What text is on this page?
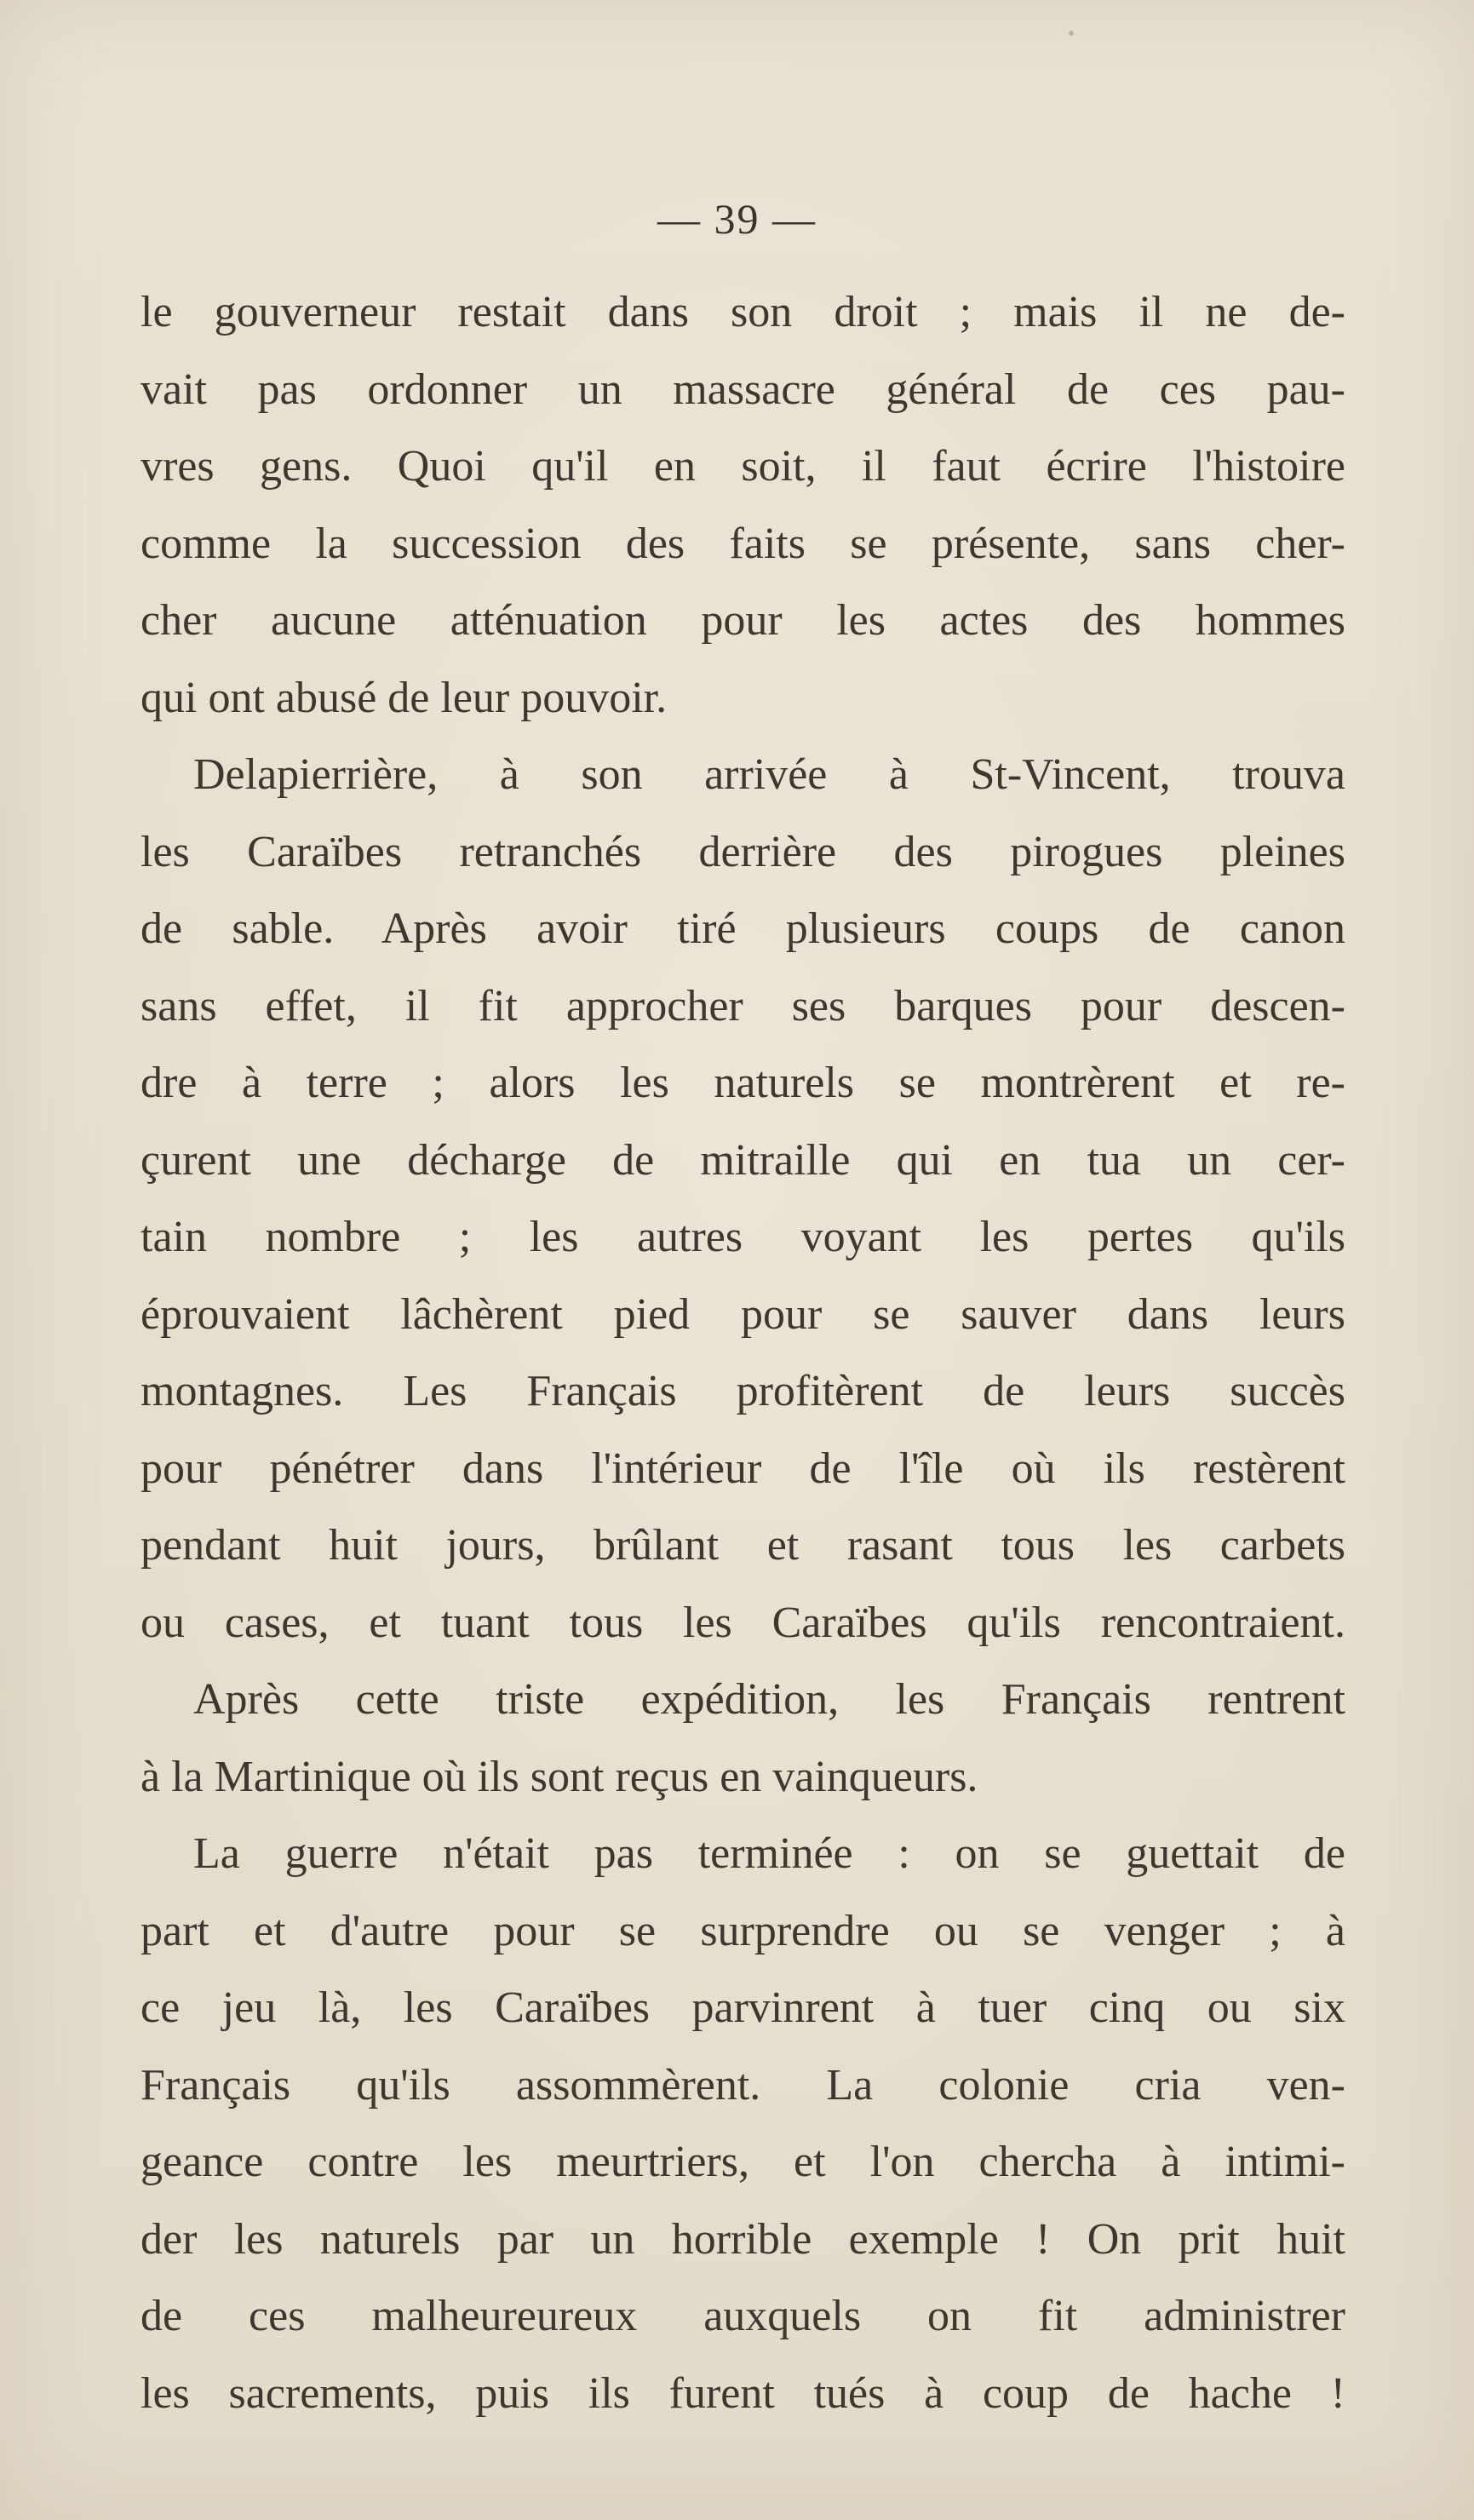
— 39 —
le gouverneur restait dans son droit ; mais il ne de-
vait pas ordonner un massacre général de ces pau-
vres gens. Quoi qu'il en soit, il faut écrire l'histoire
comme la succession des faits se présente, sans cher-
cher aucune atténuation pour les actes des hommes
qui ont abusé de leur pouvoir.
Delapierrière, à son arrivée à St-Vincent, trouva
les Caraïbes retranchés derrière des pirogues pleines
de sable. Après avoir tiré plusieurs coups de canon
sans effet, il fit approcher ses barques pour descen-
dre à terre ; alors les naturels se montrèrent et re-
çurent une décharge de mitraille qui en tua un cer-
tain nombre ; les autres voyant les pertes qu'ils
éprouvaient lâchèrent pied pour se sauver dans leurs
montagnes. Les Français profitèrent de leurs succès
pour pénétrer dans l'intérieur de l'île où ils restèrent
pendant huit jours, brûlant et rasant tous les carbets
ou cases, et tuant tous les Caraïbes qu'ils rencontraient.
Après cette triste expédition, les Français rentrent
à la Martinique où ils sont reçus en vainqueurs.
La guerre n'était pas terminée : on se guettait de
part et d'autre pour se surprendre ou se venger ; à
ce jeu là, les Caraïbes parvinrent à tuer cinq ou six
Français qu'ils assommèrent. La colonie cria ven-
geance contre les meurtriers, et l'on chercha à intimi-
der les naturels par un horrible exemple ! On prit huit
de ces malheureureux auxquels on fit administrer
les sacrements, puis ils furent tués à coup de hache !
